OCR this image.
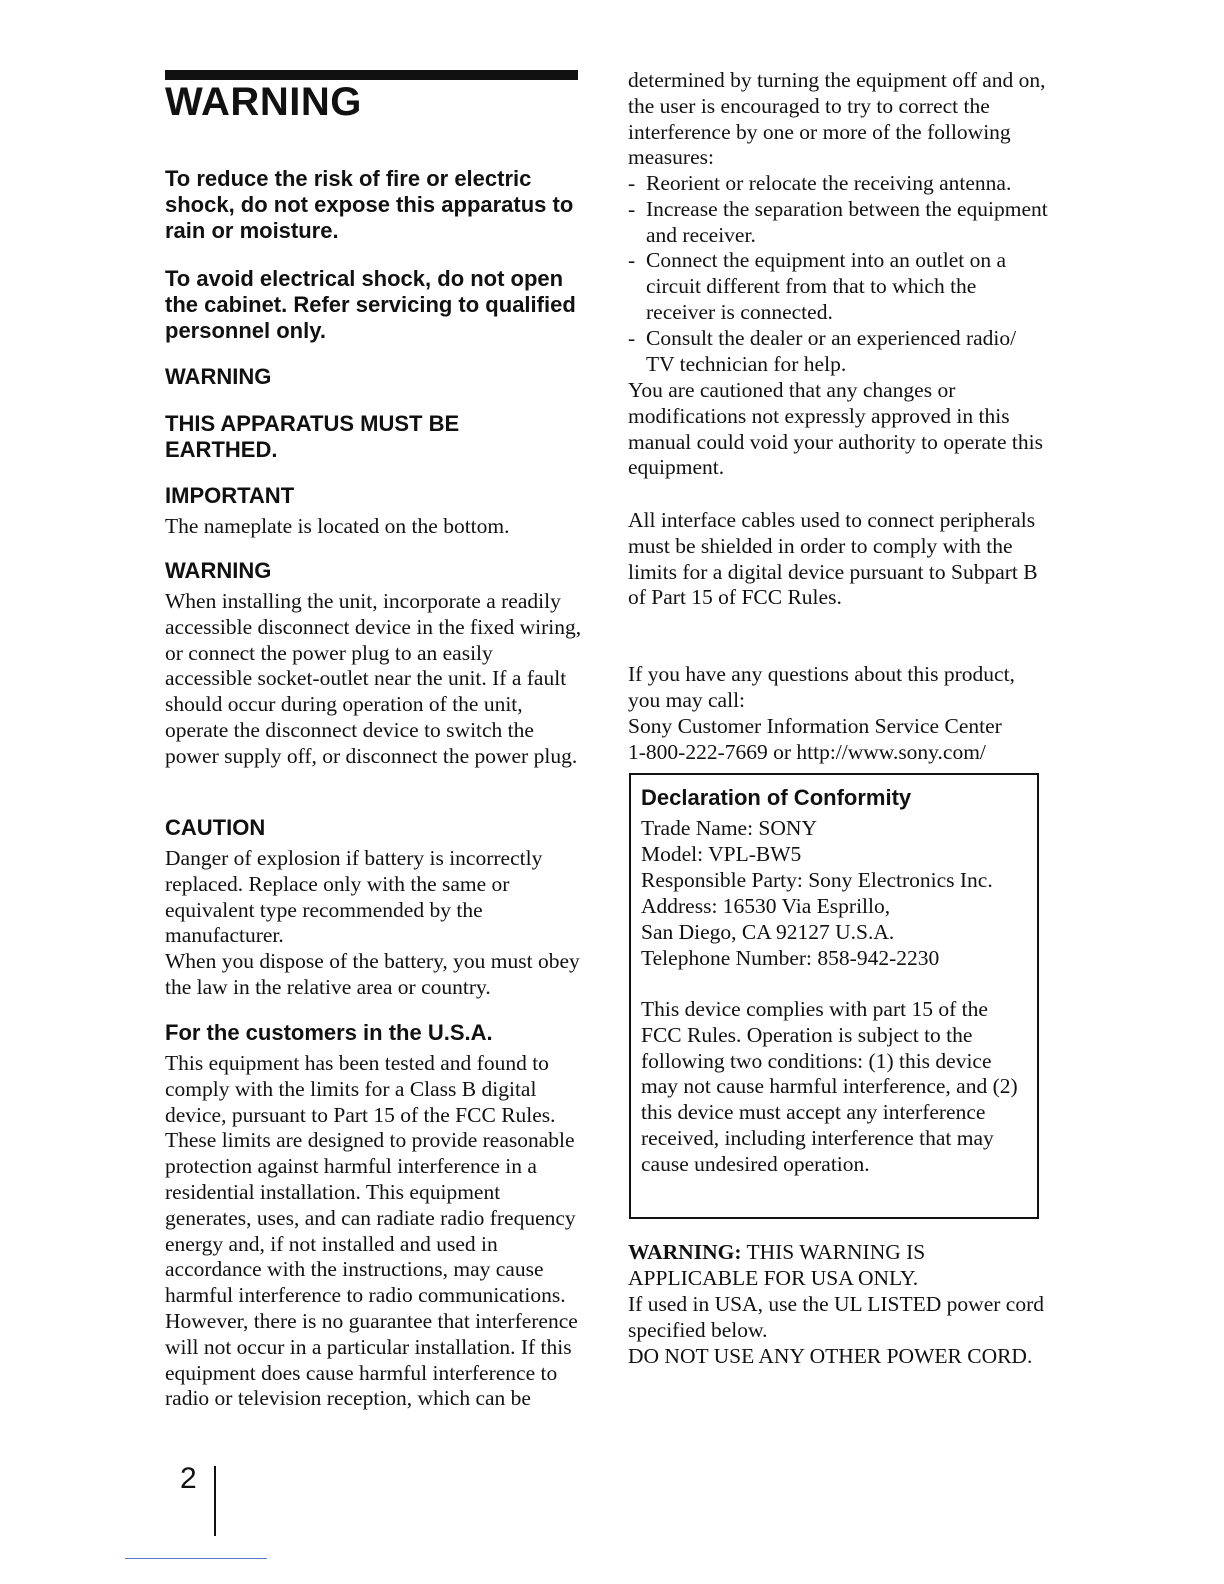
WARNING

To reduce the risk of fire or electric shock, do not expose this apparatus to rain or moisture.

To avoid electrical shock, do not open the cabinet. Refer servicing to qualified personnel only.

WARNING

THIS APPARATUS MUST BE

EARTHED.

IMPORTANT

The nameplate is located on the bottom.

WARNING

When installing the unit, incorporate a readily accessible disconnect device in the fixed wiring, or connect the power plug to an easily accessible socket-outlet near the unit. If a fault should occur during operation of the unit, operate the disconnect device to switch the power supply off, or disconnect the power plug.

CAUTION

Danger of explosion if battery is incorrectly replaced. Replace only with the same or equivalent type recommended by the manufacturer.

When you dispose of the battery, you must obey the law in the relative area or country.

For the customers in the U.S.A.

This equipment has been tested and found to comply with the limits for a Class B digital device, pursuant to Part 15 of the FCC Rules. These limits are designed to provide reasonable protection against harmful interference in a residential installation. This equipment generates, uses, and can radiate radio frequency energy and, if not installed and used in accordance with the instructions, may cause harmful interference to radio communications. However, there is no guarantee that interference will not occur in a particular installation. If this equipment does cause harmful interference to radio or television reception, which can be

determined by turning the equipment off and on, the user is encouraged to try to correct the interference by one or more of the following measures:

- Reorient or relocate the receiving antenna.
- Increase the separation between the equipment and receiver.
- Connect the equipment into an outlet on a circuit different from that to which the receiver is connected.
- Consult the dealer or an experienced radio/ TV technician for help.

You are cautioned that any changes or modifications not expressly approved in this manual could void your authority to operate this equipment.

All interface cables used to connect peripherals must be shielded in order to comply with the limits for a digital device pursuant to Subpart B of Part 15 of FCC Rules.

If you have any questions about this product, you may call:

Sony Customer Information Service Center

1-800-222-7669 or http://www.sony.com/

Declaration of Conformity

Trade Name: SONY

Model: VPL-BW5

Responsible Party: Sony Electronics Inc.

Address: 16530 Via Esprillo,

San Diego, CA 92127 U.S.A.

Telephone Number: 858-942-2230

This device complies with part 15 of the FCC Rules. Operation is subject to the following two conditions: (1) this device may not cause harmful interference, and (2) this device must accept any interference received, including interference that may cause undesired operation.

WARNING: THIS WARNING IS APPLICABLE FOR USA ONLY.

If used in USA, use the UL LISTED power cord specified below.

DO NOT USE ANY OTHER POWER CORD.

2
